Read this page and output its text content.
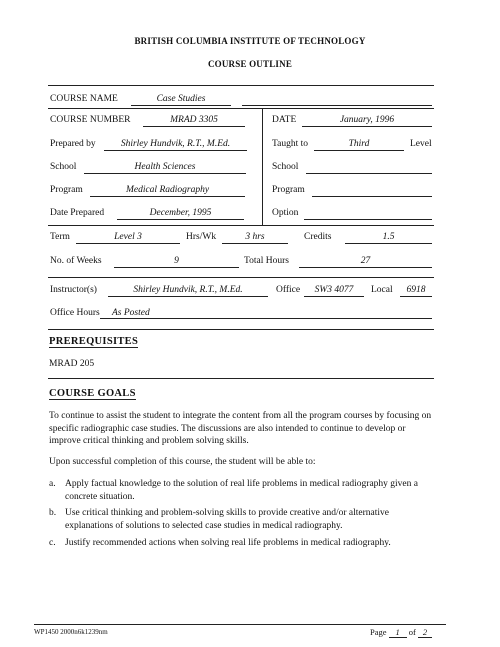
BRITISH COLUMBIA INSTITUTE OF TECHNOLOGY
COURSE OUTLINE
COURSE NAME	Case Studies
COURSE NUMBER	MRAD 3305	DATE	January, 1996
Prepared by	Shirley Hundvik, R.T., M.Ed.	Taught to	Third	Level
School	Health Sciences	School
Program	Medical Radiography	Program
Date Prepared	December, 1995	Option
Term	Level 3	Hrs/Wk	3 hrs	Credits	1.5
No. of Weeks	9	Total Hours	27
Instructor(s)	Shirley Hundvik, R.T., M.Ed.	Office	SW3 4077	Local	6918
Office Hours	As Posted
PREREQUISITES
MRAD 205
COURSE GOALS
To continue to assist the student to integrate the content from all the program courses by focusing on specific radiographic case studies. The discussions are also intended to continue to develop or improve critical thinking and problem solving skills.
Upon successful completion of this course, the student will be able to:
a. Apply factual knowledge to the solution of real life problems in medical radiography given a concrete situation.
b. Use critical thinking and problem-solving skills to provide creative and/or alternative explanations of solutions to selected case studies in medical radiography.
c. Justify recommended actions when solving real life problems in medical radiography.
WP1450 2000n6k1239nm	Page 1 of 2
